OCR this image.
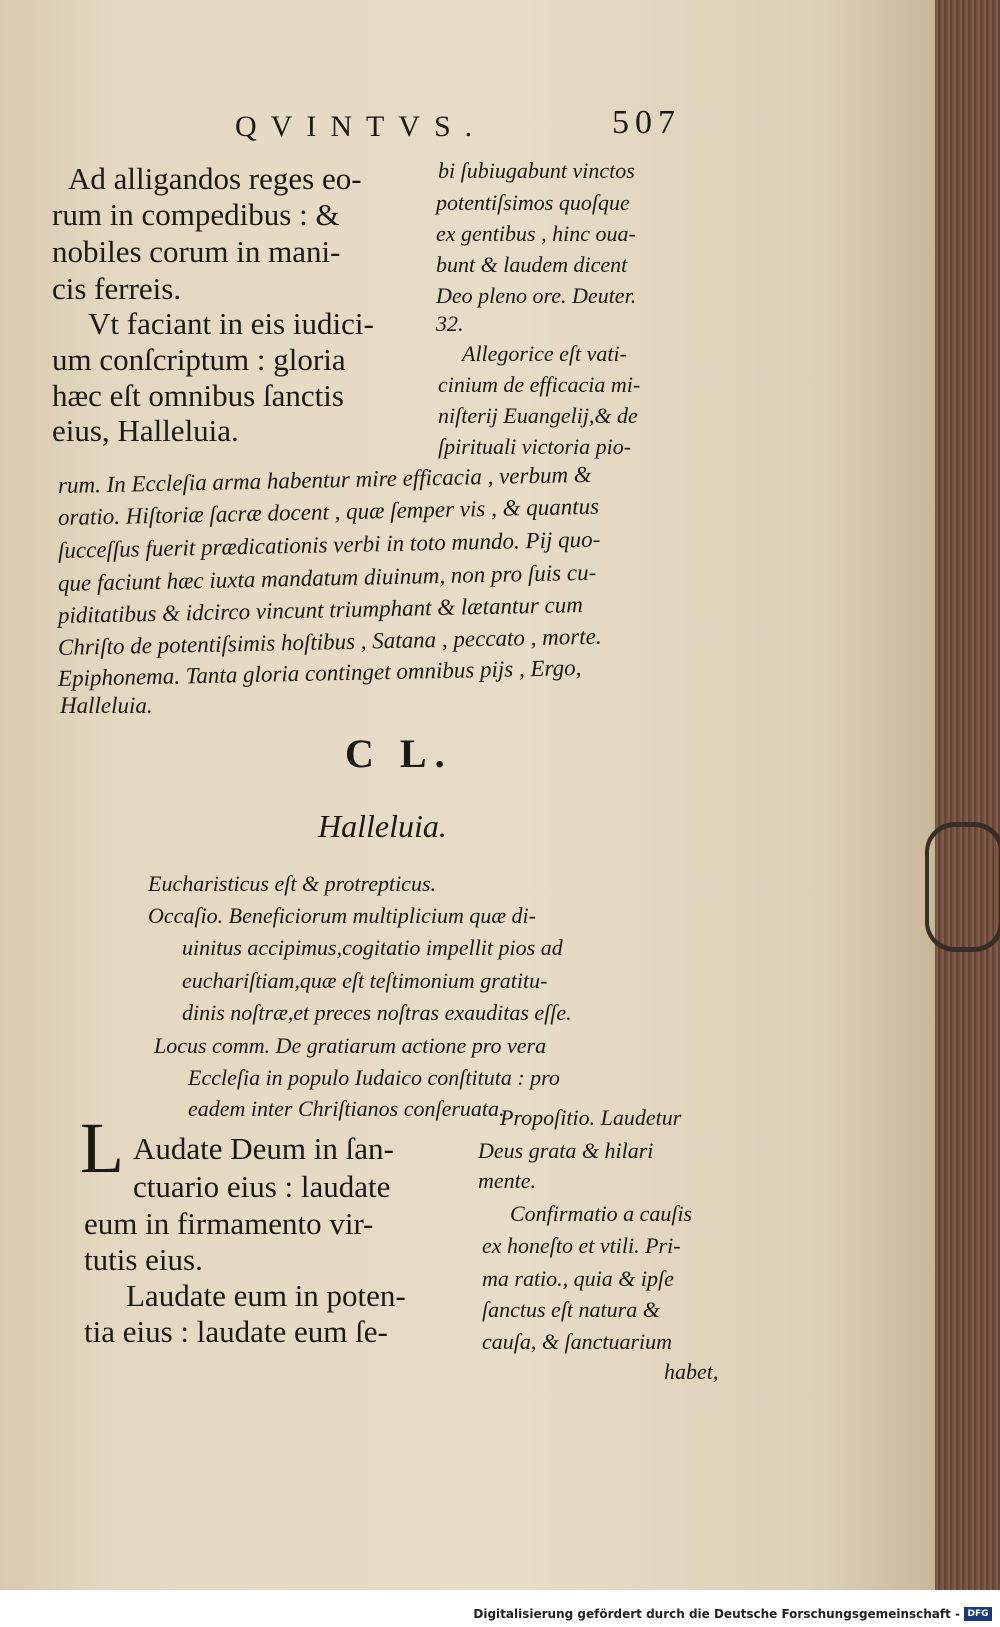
QVINTVS.	507
Ad alligandos reges eo-
rum in compedibus : &
nobiles corum in mani-
cis ferreis.
Vt faciant in eis iudici-
um conſcriptum : gloria
hæc eſt omnibus ſanctis
eius, Halleluia.
bi ſubiugabunt vinctos
potentiſsimos quoſque
ex gentibus , hinc oua-
bunt & laudem dicent
Deo pleno ore. Deuter.
32.
Allegorice eſt vati-
cinium de efficacia mi-
niſterij Euangelij,& de
ſpirituali victoria pio-
rum. In Eccleſia arma habentur mire efficacia , verbum &
oratio. Hiſtoriæ ſacræ docent , quæ ſemper vis , & quantus
ſucceſſus fuerit prædicationis verbi in toto mundo. Pij quo-
que faciunt hæc iuxta mandatum diuinum, non pro ſuis cu-
piditatibus & idcirco vincunt triumphant & lætantur cum
Chriſto de potentiſsimis hoſtibus , Satana , peccato , morte.
Epiphonema. Tanta gloria continget omnibus pijs , Ergo,
Halleluia.
C L.
Halleluia.
Eucharisticus eſt & protrepticus.
Occaſio. Beneficiorum multiplicium quæ di-
uinitus accipimus,cogitatio impellit pios ad
euchariſtiam,quæ eſt teſtimonium gratitu-
dinis noſtræ,et preces noſtras exauditas eſſe.
Locus comm. De gratiarum actione pro vera
Eccleſia in populo Iudaico conſtituta : pro
eadem inter Chriſtianos conſeruata.
L Audate Deum in ſan-
ctuario eius : laudate
eum in firmamento vir-
tutis eius.
Laudate eum in poten-
tia eius : laudate eum ſe-
Propoſitio. Laudetur
Deus grata & hilari
mente.
Confirmatio a cauſis
ex honeſto et vtili. Pri-
ma ratio., quia & ipſe
ſanctus eſt natura &
cauſa, & ſanctuarium
habet,
Digitalisierung gefördert durch die Deutsche Forschungsgemeinschaft - DFG
